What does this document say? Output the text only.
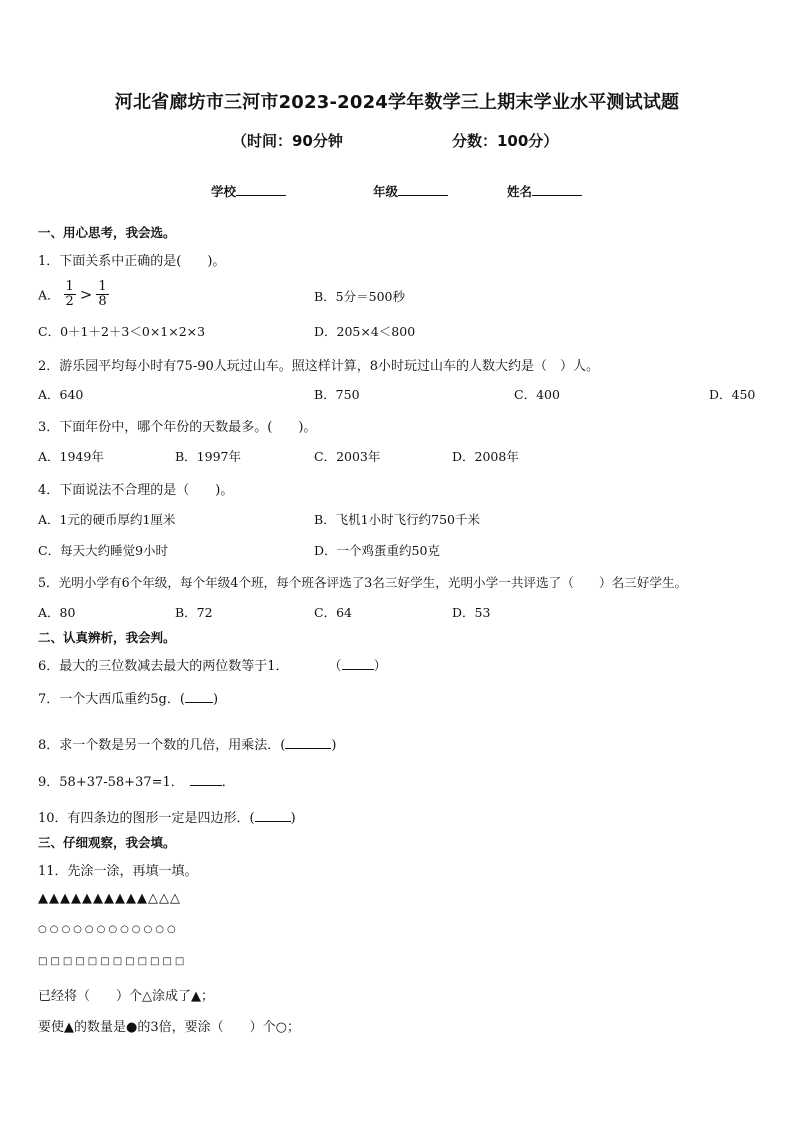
河北省廊坊市三河市2023-2024学年数学三上期末学业水平测试试题
（时间：90分钟	分数：100分）
学校	年级	姓名
一、用心思考，我会选。
1．下面关系中正确的是(　　)。
A． $\frac{1}{2} > \frac{1}{8}$	B．5分＝500秒
C．0＋1＋2＋3＜0×1×2×3	D．205×4＜800
2．游乐园平均每小时有75-90人玩过山车。照这样计算，8小时玩过山车的人数大约是（　）人。
A．640	B．750	C．400	D．450
3．下面年份中，哪个年份的天数最多。(　　)。
A．1949年	B．1997年	C．2003年	D．2008年
4．下面说法不合理的是（　　)。
A．1元的硬币厚约1厘米	B．飞机1小时飞行约750千米
C．每天大约睡觉9小时	D．一个鸡蛋重约50克
5．光明小学有6个年级，每个年级4个班，每个班各评选了3名三好学生，光明小学一共评选了（　　）名三好学生。
A．80	B．72	C．64	D．53
二、认真辨析，我会判。
6．最大的三位数减去最大的两位数等于1．	（ ）
7．一个大西瓜重约5g．( )
8．求一个数是另一个数的几倍，用乘法．(	)
9．58+37-58+37=1．	．
10．有四条边的图形一定是四边形．(	)
三、仔细观察，我会填。
11．先涂一涂，再填一填。
▲▲▲▲▲▲▲▲▲▲△△△
○○○○○○○○○○○○
□□□□□□□□□□□□
已经将（　　）个△涂成了▲；
要使▲的数量是●的3倍，要涂（　　）个○；
